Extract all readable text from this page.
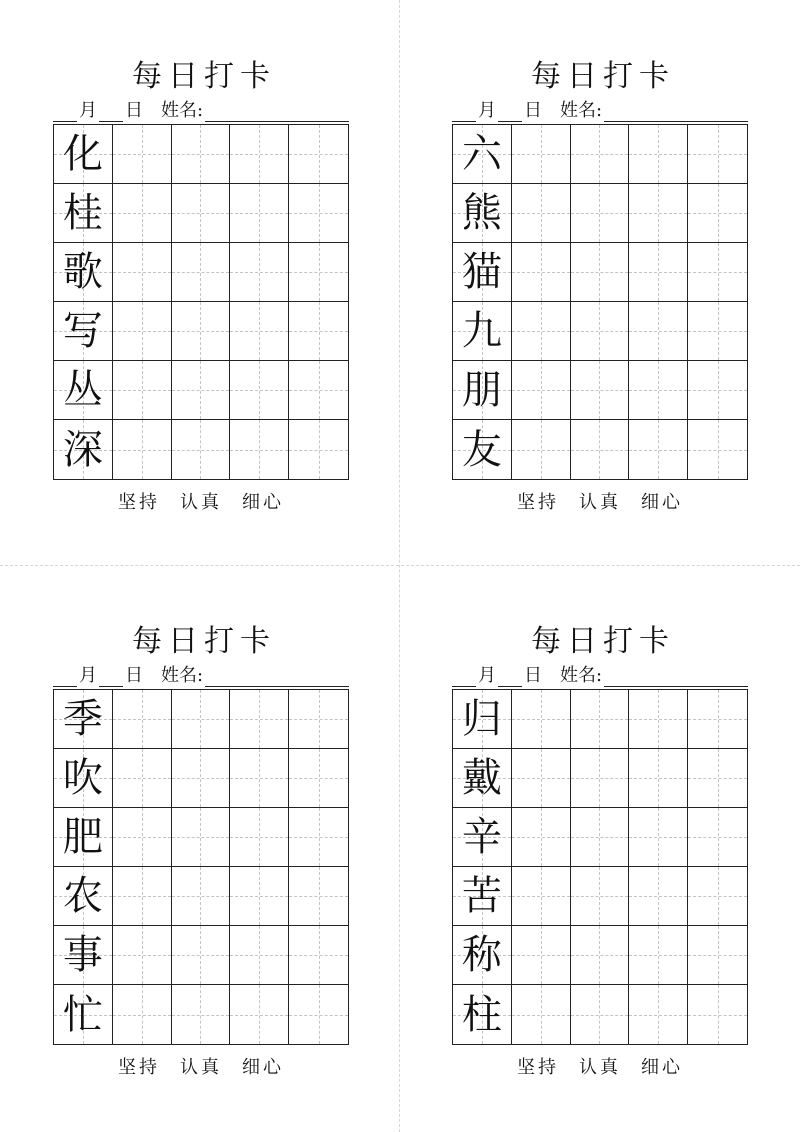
每日打卡
月 日 姓名:
化
桂
歌
写
丛
深
坚持 认真 细心
每日打卡
月 日 姓名:
六
熊
猫
九
朋
友
坚持 认真 细心
每日打卡
月 日 姓名:
季
吹
肥
农
事
忙
坚持 认真 细心
每日打卡
月 日 姓名:
归
戴
辛
苦
称
柱
坚持 认真 细心
